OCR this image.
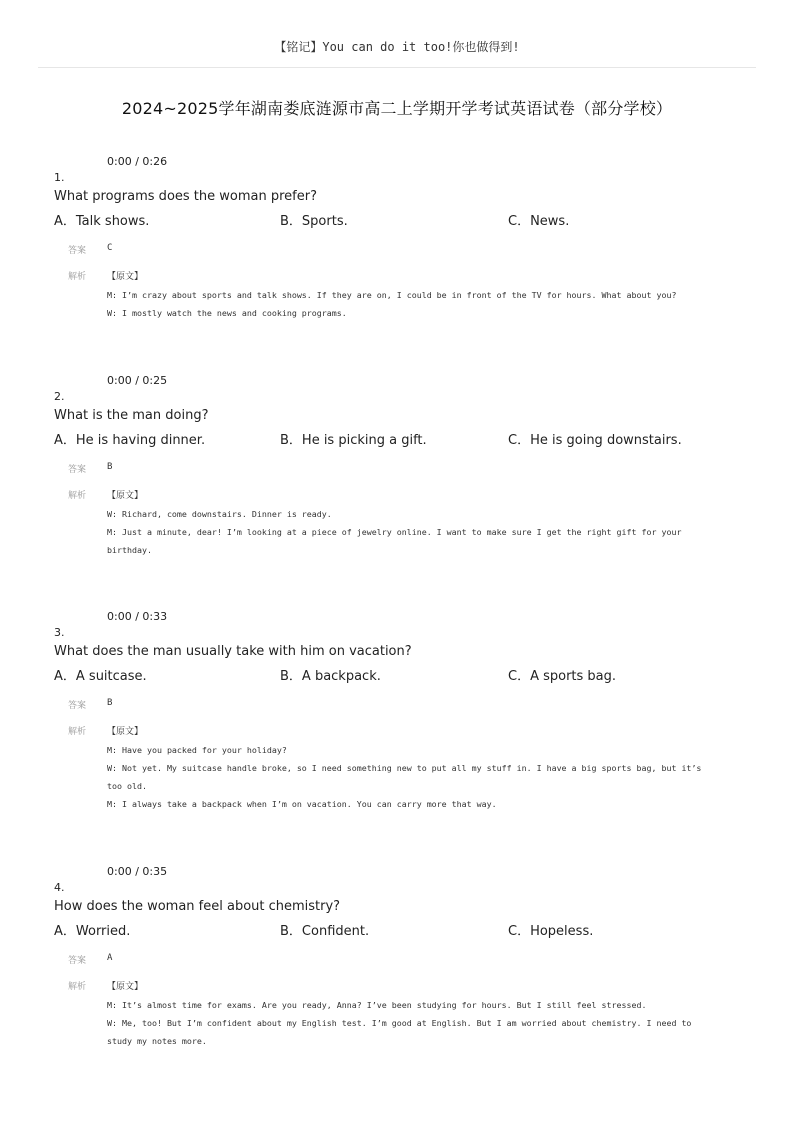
【铭记】You can do it too!你也做得到!
2024~2025学年湖南娄底涟源市高二上学期开学考试英语试卷（部分学校）
0:00 / 0:26
1.
What programs does the woman prefer?
A．Talk shows.	B．Sports.	C．News.
答案 C
解析 【原文】
M: I’m crazy about sports and talk shows. If they are on, I could be in front of the TV for hours. What about you?
W: I mostly watch the news and cooking programs.
0:00 / 0:25
2.
What is the man doing?
A．He is having dinner.	B．He is picking a gift.	C．He is going downstairs.
答案 B
解析 【原文】
W: Richard, come downstairs. Dinner is ready.
M: Just a minute, dear! I’m looking at a piece of jewelry online. I want to make sure I get the right gift for your birthday.
0:00 / 0:33
3.
What does the man usually take with him on vacation?
A．A suitcase.	B．A backpack.	C．A sports bag.
答案 B
解析 【原文】
M: Have you packed for your holiday?
W: Not yet. My suitcase handle broke, so I need something new to put all my stuff in. I have a big sports bag, but it’s too old.
M: I always take a backpack when I’m on vacation. You can carry more that way.
0:00 / 0:35
4.
How does the woman feel about chemistry?
A．Worried.	B．Confident.	C．Hopeless.
答案 A
解析 【原文】
M: It’s almost time for exams. Are you ready, Anna? I’ve been studying for hours. But I still feel stressed.
W: Me, too! But I’m confident about my English test. I’m good at English. But I am worried about chemistry. I need to study my notes more.
